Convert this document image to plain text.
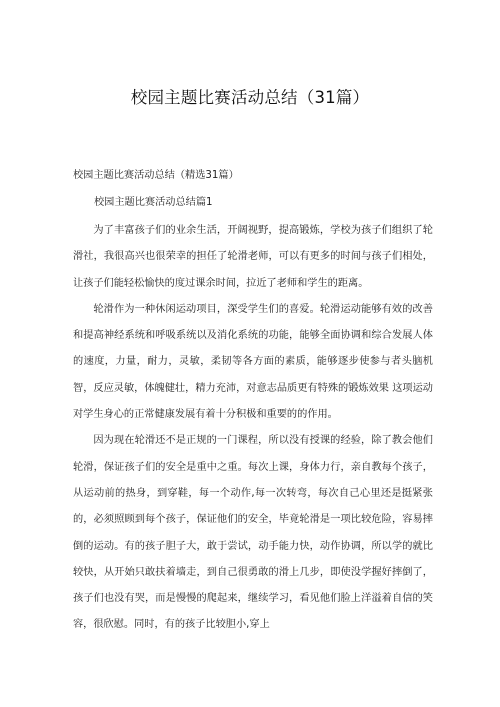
校园主题比赛活动总结（31篇）
校园主题比赛活动总结（精选31篇）
校园主题比赛活动总结篇1

为了丰富孩子们的业余生活，开阔视野，提高锻炼，学校为孩子们组织了轮滑社，我很高兴也很荣幸的担任了轮滑老师，可以有更多的时间与孩子们相处，让孩子们能轻松愉快的度过课余时间，拉近了老师和学生的距离。

轮滑作为一种休闲运动项目，深受学生们的喜爱。轮滑运动能够有效的改善和提高神经系统和呼吸系统以及消化系统的功能，能够全面协调和综合发展人体的速度，力量，耐力，灵敏，柔韧等各方面的素质，能够逐步使参与者头脑机智，反应灵敏，体魄健壮，精力充沛，对意志品质更有特殊的锻炼效果 这项运动对学生身心的正常健康发展有着十分积极和重要的的作用。

因为现在轮滑还不是正规的一门课程，所以没有授课的经验，除了教会他们轮滑，保证孩子们的安全是重中之重。每次上课，身体力行，亲自教每个孩子，从运动前的热身，到穿鞋，每一个动作,每一次转弯，每次自己心里还是挺紧张的，必须照顾到每个孩子，保证他们的安全，毕竟轮滑是一项比较危险，容易摔倒的运动。有的孩子胆子大，敢于尝试，动手能力快，动作协调，所以学的就比较快，从开始只敢扶着墙走，到自己很勇敢的滑上几步，即使没学握好摔倒了，孩子们也没有哭，而是慢慢的爬起来，继续学习，看见他们脸上洋溢着自信的笑容，很欣慰。同时，有的孩子比较胆小,穿上
